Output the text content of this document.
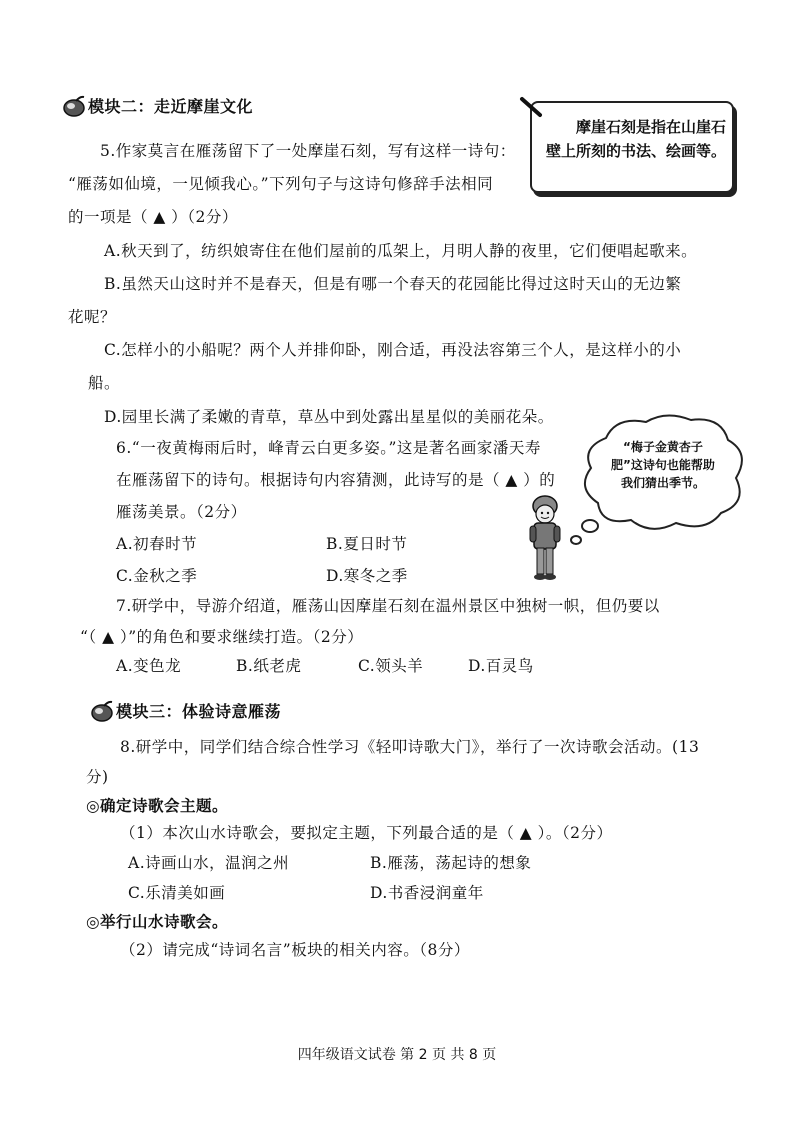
模块二：走近摩崖文化
摩崖石刻是指在山崖石壁上所刻的书法、绘画等。
5.作家莫言在雁荡留下了一处摩崖石刻，写有这样一诗句：
“雁荡如仙境，一见倾我心。”下列句子与这诗句修辞手法相同
的一项是（ ▲ ）（2分）
A.秋天到了，纺织娘寄住在他们屋前的瓜架上，月明人静的夜里，它们便唱起歌来。
B.虽然天山这时并不是春天，但是有哪一个春天的花园能比得过这时天山的无边繁
花呢？
C.怎样小的小船呢？两个人并排仰卧，刚合适，再没法容第三个人，是这样小的小
船。
D.园里长满了柔嫩的青草，草丛中到处露出星星似的美丽花朵。
6.“一夜黄梅雨后时，峰青云白更多姿。”这是著名画家潘天寿
在雁荡留下的诗句。根据诗句内容猜测，此诗写的是（ ▲ ）的
雁荡美景。（2分）
A.初春时节	B.夏日时节
C.金秋之季	D.寒冬之季
“梅子金黄杏子肥”这诗句也能帮助我们猜出季节。
7.研学中，导游介绍道，雁荡山因摩崖石刻在温州景区中独树一帜，但仍要以
“（ ▲ ）”的角色和要求继续打造。（2分）
A.变色龙	B.纸老虎	C.领头羊	D.百灵鸟
模块三：体验诗意雁荡
8.研学中，同学们结合综合性学习《轻叩诗歌大门》，举行了一次诗歌会活动。(13
分)
◎确定诗歌会主题。
（1）本次山水诗歌会，要拟定主题，下列最合适的是（ ▲ ）。（2分）
A.诗画山水，温润之州	B.雁荡，荡起诗的想象
C.乐清美如画	D.书香浸润童年
◎举行山水诗歌会。
（2）请完成“诗词名言”板块的相关内容。（8分）
四年级语文试卷 第 2 页 共 8 页
